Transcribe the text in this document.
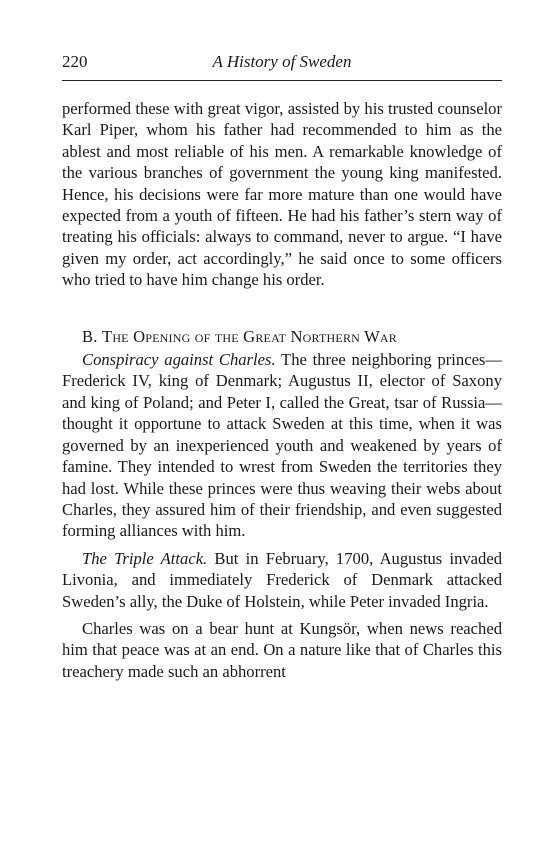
220	A History of Sweden

performed these with great vigor, assisted by his trusted counselor Karl Piper, whom his father had recommended to him as the ablest and most reliable of his men. A remarkable knowledge of the various branches of government the young king manifested. Hence, his decisions were far more mature than one would have expected from a youth of fifteen. He had his father’s stern way of treating his officials: always to command, never to argue. “I have given my order, act accordingly,” he said once to some officers who tried to have him change his order.

B. The Opening of the Great Northern War

Conspiracy against Charles. The three neighboring princes—Frederick IV, king of Denmark; Augustus II, elector of Saxony and king of Poland; and Peter I, called the Great, tsar of Russia—thought it opportune to attack Sweden at this time, when it was governed by an inexperienced youth and weakened by years of famine. They intended to wrest from Sweden the territories they had lost. While these princes were thus weaving their webs about Charles, they assured him of their friendship, and even suggested forming alliances with him.

The Triple Attack. But in February, 1700, Augustus invaded Livonia, and immediately Frederick of Denmark attacked Sweden’s ally, the Duke of Holstein, while Peter invaded Ingria.

Charles was on a bear hunt at Kungsör, when news reached him that peace was at an end. On a nature like that of Charles this treachery made such an abhorrent
